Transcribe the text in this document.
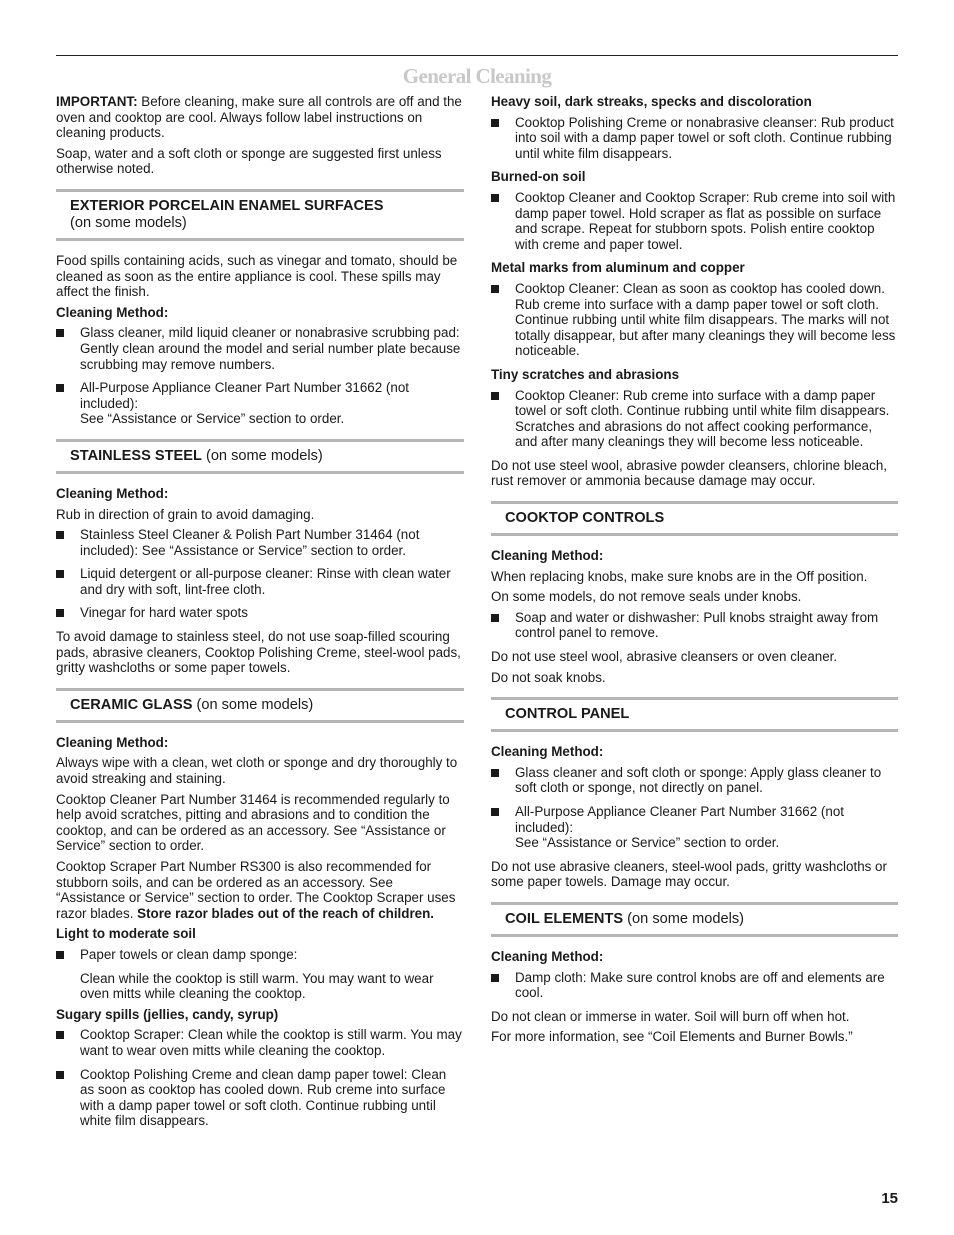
General Cleaning

IMPORTANT: Before cleaning, make sure all controls are off and the oven and cooktop are cool. Always follow label instructions on cleaning products.

Soap, water and a soft cloth or sponge are suggested first unless otherwise noted.

EXTERIOR PORCELAIN ENAMEL SURFACES
(on some models)

Food spills containing acids, such as vinegar and tomato, should be cleaned as soon as the entire appliance is cool. These spills may affect the finish.

Cleaning Method:

Glass cleaner, mild liquid cleaner or nonabrasive scrubbing pad: Gently clean around the model and serial number plate because scrubbing may remove numbers.
All-Purpose Appliance Cleaner Part Number 31662 (not included):
See “Assistance or Service” section to order.
STAINLESS STEEL (on some models)

Cleaning Method:

Rub in direction of grain to avoid damaging.

Stainless Steel Cleaner & Polish Part Number 31464 (not included): See “Assistance or Service” section to order.
Liquid detergent or all-purpose cleaner: Rinse with clean water and dry with soft, lint-free cloth.
Vinegar for hard water spots

To avoid damage to stainless steel, do not use soap-filled scouring pads, abrasive cleaners, Cooktop Polishing Creme, steel-wool pads, gritty washcloths or some paper towels.

CERAMIC GLASS (on some models)

Cleaning Method:

Always wipe with a clean, wet cloth or sponge and dry thoroughly to avoid streaking and staining.

Cooktop Cleaner Part Number 31464 is recommended regularly to help avoid scratches, pitting and abrasions and to condition the cooktop, and can be ordered as an accessory. See “Assistance or Service” section to order.

Cooktop Scraper Part Number RS300 is also recommended for stubborn soils, and can be ordered as an accessory. See “Assistance or Service” section to order. The Cooktop Scraper uses razor blades. Store razor blades out of the reach of children.

Light to moderate soil

Paper towels or clean damp sponge:

Clean while the cooktop is still warm. You may want to wear oven mitts while cleaning the cooktop.

Sugary spills (jellies, candy, syrup)

Cooktop Scraper: Clean while the cooktop is still warm. You may want to wear oven mitts while cleaning the cooktop.
Cooktop Polishing Creme and clean damp paper towel: Clean as soon as cooktop has cooled down. Rub creme into surface with a damp paper towel or soft cloth. Continue rubbing until white film disappears.

Heavy soil, dark streaks, specks and discoloration

Cooktop Polishing Creme or nonabrasive cleanser: Rub product into soil with a damp paper towel or soft cloth. Continue rubbing until white film disappears.

Burned-on soil

Cooktop Cleaner and Cooktop Scraper: Rub creme into soil with damp paper towel. Hold scraper as flat as possible on surface and scrape. Repeat for stubborn spots. Polish entire cooktop with creme and paper towel.

Metal marks from aluminum and copper

Cooktop Cleaner: Clean as soon as cooktop has cooled down. Rub creme into surface with a damp paper towel or soft cloth. Continue rubbing until white film disappears. The marks will not totally disappear, but after many cleanings they will become less noticeable.

Tiny scratches and abrasions

Cooktop Cleaner: Rub creme into surface with a damp paper towel or soft cloth. Continue rubbing until white film disappears. Scratches and abrasions do not affect cooking performance, and after many cleanings they will become less noticeable.

Do not use steel wool, abrasive powder cleansers, chlorine bleach, rust remover or ammonia because damage may occur.

COOKTOP CONTROLS

Cleaning Method:

When replacing knobs, make sure knobs are in the Off position.

On some models, do not remove seals under knobs.

Soap and water or dishwasher: Pull knobs straight away from control panel to remove.

Do not use steel wool, abrasive cleansers or oven cleaner.

Do not soak knobs.

CONTROL PANEL

Cleaning Method:

Glass cleaner and soft cloth or sponge: Apply glass cleaner to soft cloth or sponge, not directly on panel.
All-Purpose Appliance Cleaner Part Number 31662 (not included):
See “Assistance or Service” section to order.

Do not use abrasive cleaners, steel-wool pads, gritty washcloths or some paper towels. Damage may occur.

COIL ELEMENTS (on some models)

Cleaning Method:

Damp cloth: Make sure control knobs are off and elements are cool.

Do not clean or immerse in water. Soil will burn off when hot.

For more information, see “Coil Elements and Burner Bowls.”

15
